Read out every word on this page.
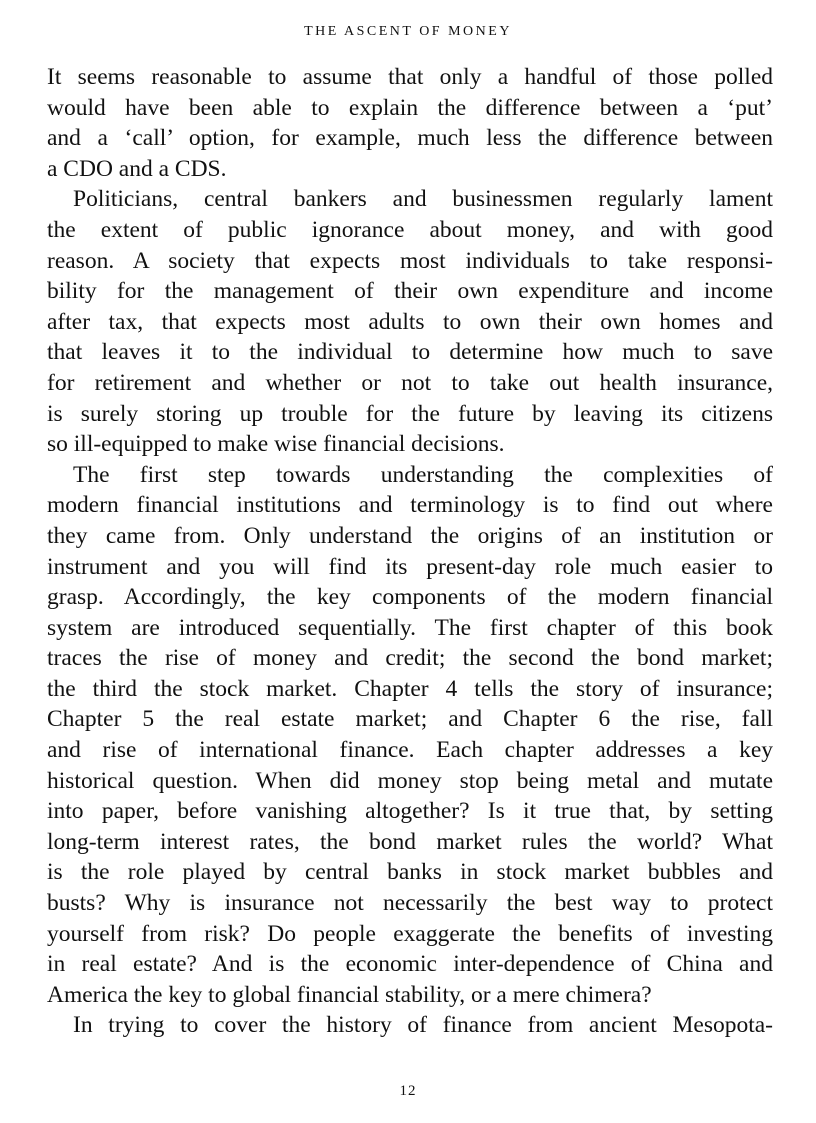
THE ASCENT OF MONEY
It seems reasonable to assume that only a handful of those polled
would have been able to explain the difference between a ‘put’
and a ‘call’ option, for example, much less the difference between
a CDO and a CDS.
Politicians, central bankers and businessmen regularly lament
the extent of public ignorance about money, and with good
reason. A society that expects most individuals to take responsi-
bility for the management of their own expenditure and income
after tax, that expects most adults to own their own homes and
that leaves it to the individual to determine how much to save
for retirement and whether or not to take out health insurance,
is surely storing up trouble for the future by leaving its citizens
so ill-equipped to make wise financial decisions.
The first step towards understanding the complexities of
modern financial institutions and terminology is to find out where
they came from. Only understand the origins of an institution or
instrument and you will find its present-day role much easier to
grasp. Accordingly, the key components of the modern financial
system are introduced sequentially. The first chapter of this book
traces the rise of money and credit; the second the bond market;
the third the stock market. Chapter 4 tells the story of insurance;
Chapter 5 the real estate market; and Chapter 6 the rise, fall
and rise of international finance. Each chapter addresses a key
historical question. When did money stop being metal and mutate
into paper, before vanishing altogether? Is it true that, by setting
long-term interest rates, the bond market rules the world? What
is the role played by central banks in stock market bubbles and
busts? Why is insurance not necessarily the best way to protect
yourself from risk? Do people exaggerate the benefits of investing
in real estate? And is the economic inter-dependence of China and
America the key to global financial stability, or a mere chimera?
In trying to cover the history of finance from ancient Mesopota-
12
